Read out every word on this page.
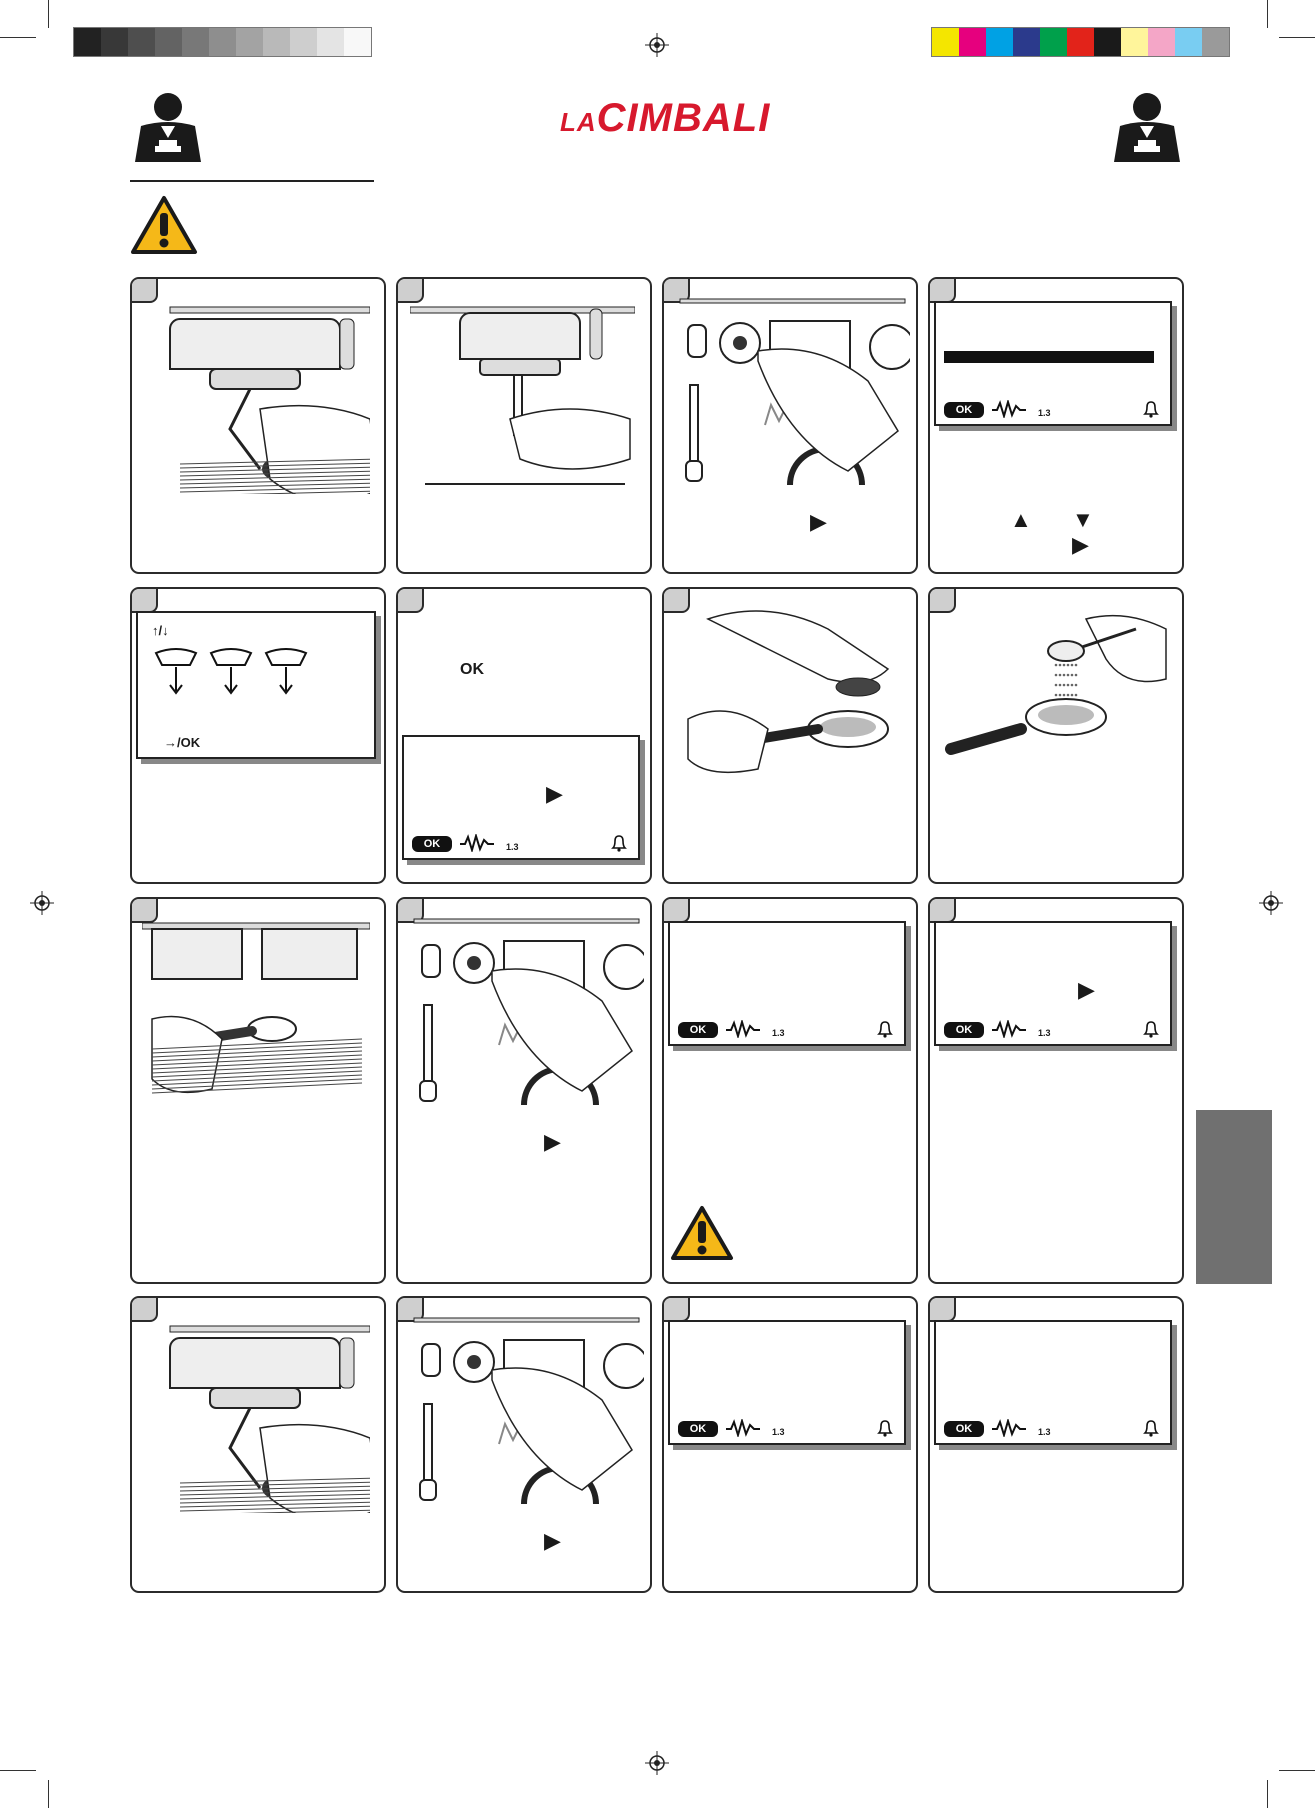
LACIMBALI
▶
OK	1.3
▲ ▼
▶
↑/↓
→/OK
OK
OK	1.3
▶
▶
OK	1.3	OK	1.3
▶
▶
OK	1.3	OK	1.3
